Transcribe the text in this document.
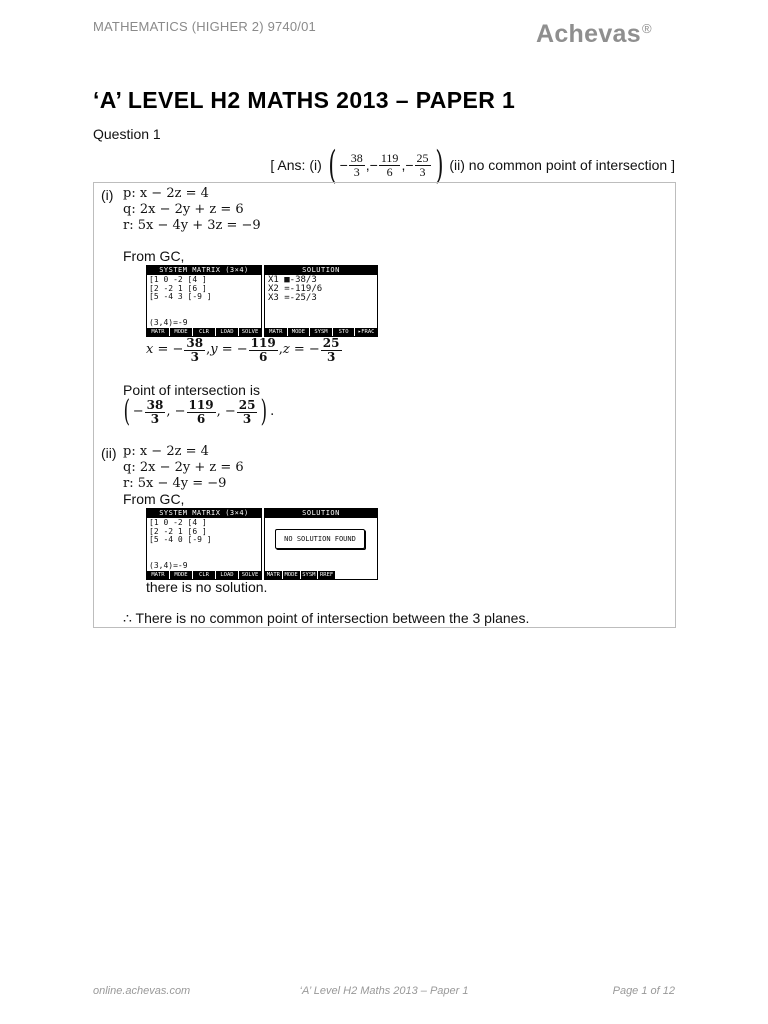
MATHEMATICS (HIGHER 2) 9740/01	Achevas®
‘A’ LEVEL H2 MATHS 2013 – PAPER 1
Question 1
[ Ans: (i) ( − $\frac{38}{3}$ ,− $\frac{119}{6}$ ,− $\frac{25}{3}$ ) (ii) no common point of intersection ]
(i) p: x − 2z = 4
q: 2x − 2y + z = 6
r: 5x − 4y + 3z = −9
From GC,
SYSTEM MATRIX (3×4)
[1 0 -2 [4 ]
[2 -2 1 [6 ]
[5 -4 3 [-9 ]
(3,4)=-9
MATR	MODE	CLR	LOAD	SOLVE
SOLUTION
X1 ■-38/3
X2 =-119/6
X3 =-25/3
MATR	MODE	SYSM	STO	▸FRAC
x = − $\frac{38}{3}$ , y = − $\frac{119}{6}$ , z = − $\frac{25}{3}$
Point of intersection is
( − $\frac{38}{3}$ , − $\frac{119}{6}$ , − $\frac{25}{3}$ ) .
(ii) p: x − 2z = 4
q: 2x − 2y + z = 6
r: 5x − 4y = −9
From GC,
SYSTEM MATRIX (3×4)
[1 0 -2 [4 ]
[2 -2 1 [6 ]
[5 -4 0 [-9 ]
(3,4)=-9
MATR	MODE	CLR	LOAD	SOLVE
SOLUTION
NO SOLUTION FOUND
MATR MODE SYSM RREF
there is no solution.
∴ There is no common point of intersection between the 3 planes.
online.achevas.com	‘A’ Level H2 Maths 2013 – Paper 1	Page 1 of 12
